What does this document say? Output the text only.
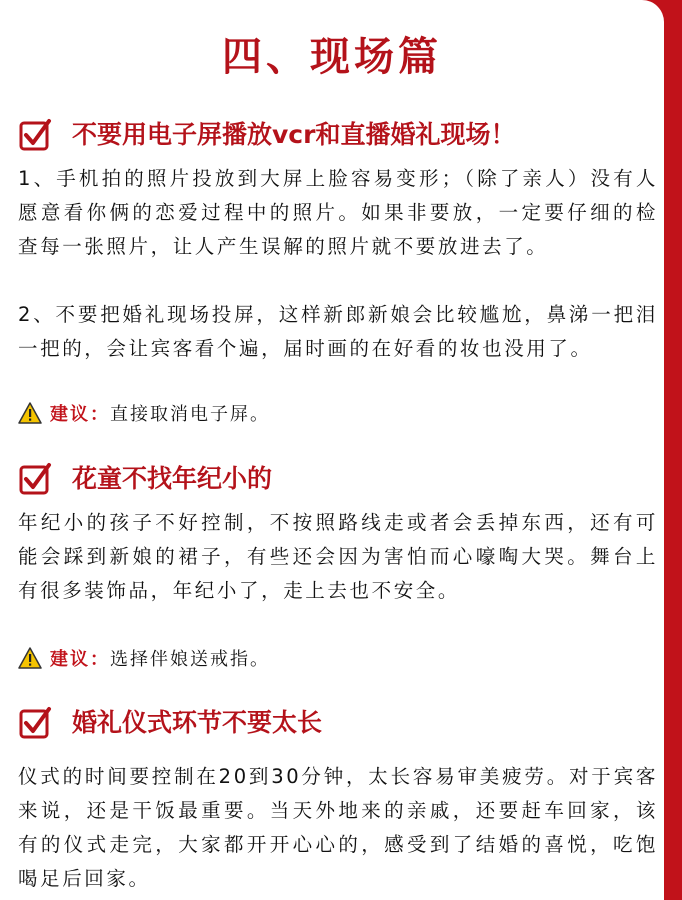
四、现场篇
不要用电子屏播放vcr和直播婚礼现场！

1、手机拍的照片投放到大屏上脸容易变形；（除了亲人）没有人愿意看你俩的恋爱过程中的照片。如果非要放，一定要仔细的检查每一张照片，让人产生误解的照片就不要放进去了。

2、不要把婚礼现场投屏，这样新郎新娘会比较尴尬，鼻涕一把泪一把的，会让宾客看个遍，届时画的在好看的妆也没用了。

建议： 直接取消电子屏。
花童不找年纪小的

年纪小的孩子不好控制，不按照路线走或者会丢掉东西，还有可能会踩到新娘的裙子，有些还会因为害怕而心嚎啕大哭。舞台上有很多装饰品，年纪小了，走上去也不安全。

建议： 选择伴娘送戒指。
婚礼仪式环节不要太长

仪式的时间要控制在20到30分钟，太长容易审美疲劳。对于宾客来说，还是干饭最重要。当天外地来的亲戚，还要赶车回家，该有的仪式走完，大家都开开心心的，感受到了结婚的喜悦，吃饱喝足后回家。
